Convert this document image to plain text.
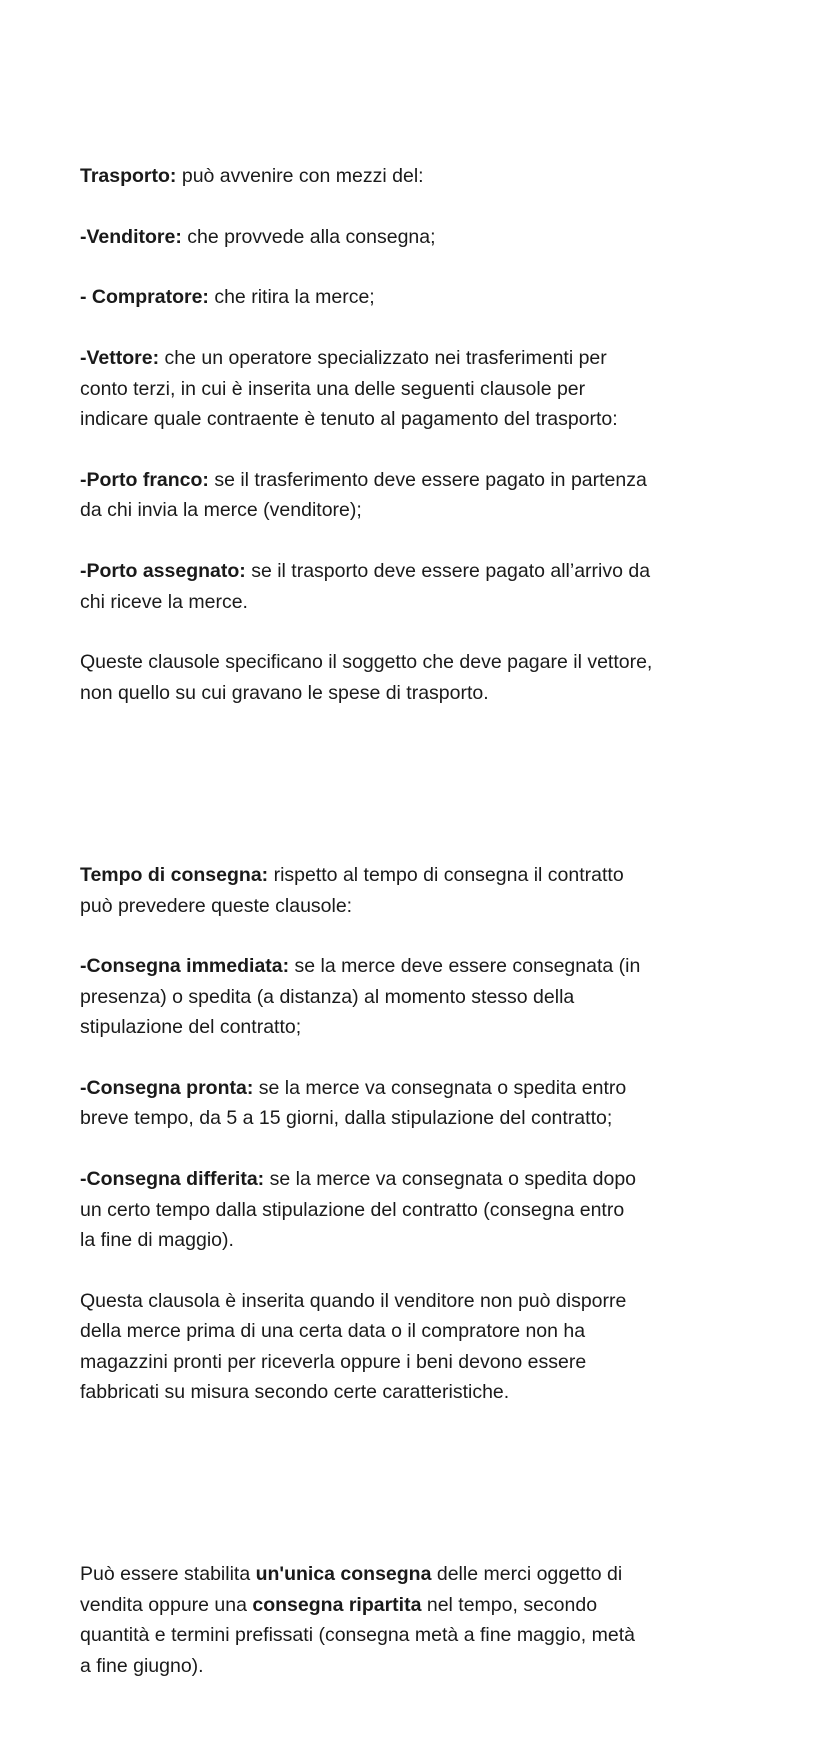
Trasporto: può avvenire con mezzi del:

-Venditore: che provvede alla consegna;

- Compratore: che ritira la merce;

-Vettore: che un operatore specializzato nei trasferimenti per
conto terzi, in cui è inserita una delle seguenti clausole per
indicare quale contraente è tenuto al pagamento del trasporto:

-Porto franco: se il trasferimento deve essere pagato in partenza
da chi invia la merce (venditore);

-Porto assegnato: se il trasporto deve essere pagato all’arrivo da
chi riceve la merce.

Queste clausole specificano il soggetto che deve pagare il vettore,
non quello su cui gravano le spese di trasporto.

Tempo di consegna: rispetto al tempo di consegna il contratto
può prevedere queste clausole:

-Consegna immediata: se la merce deve essere consegnata (in
presenza) o spedita (a distanza) al momento stesso della
stipulazione del contratto;

-Consegna pronta: se la merce va consegnata o spedita entro
breve tempo, da 5 a 15 giorni, dalla stipulazione del contratto;

-Consegna differita: se la merce va consegnata o spedita dopo
un certo tempo dalla stipulazione del contratto (consegna entro
la fine di maggio).

Questa clausola è inserita quando il venditore non può disporre
della merce prima di una certa data o il compratore non ha
magazzini pronti per riceverla oppure i beni devono essere
fabbricati su misura secondo certe caratteristiche.

Può essere stabilita un'unica consegna delle merci oggetto di
vendita oppure una consegna ripartita nel tempo, secondo
quantità e termini prefissati (consegna metà a fine maggio, metà
a fine giugno).
